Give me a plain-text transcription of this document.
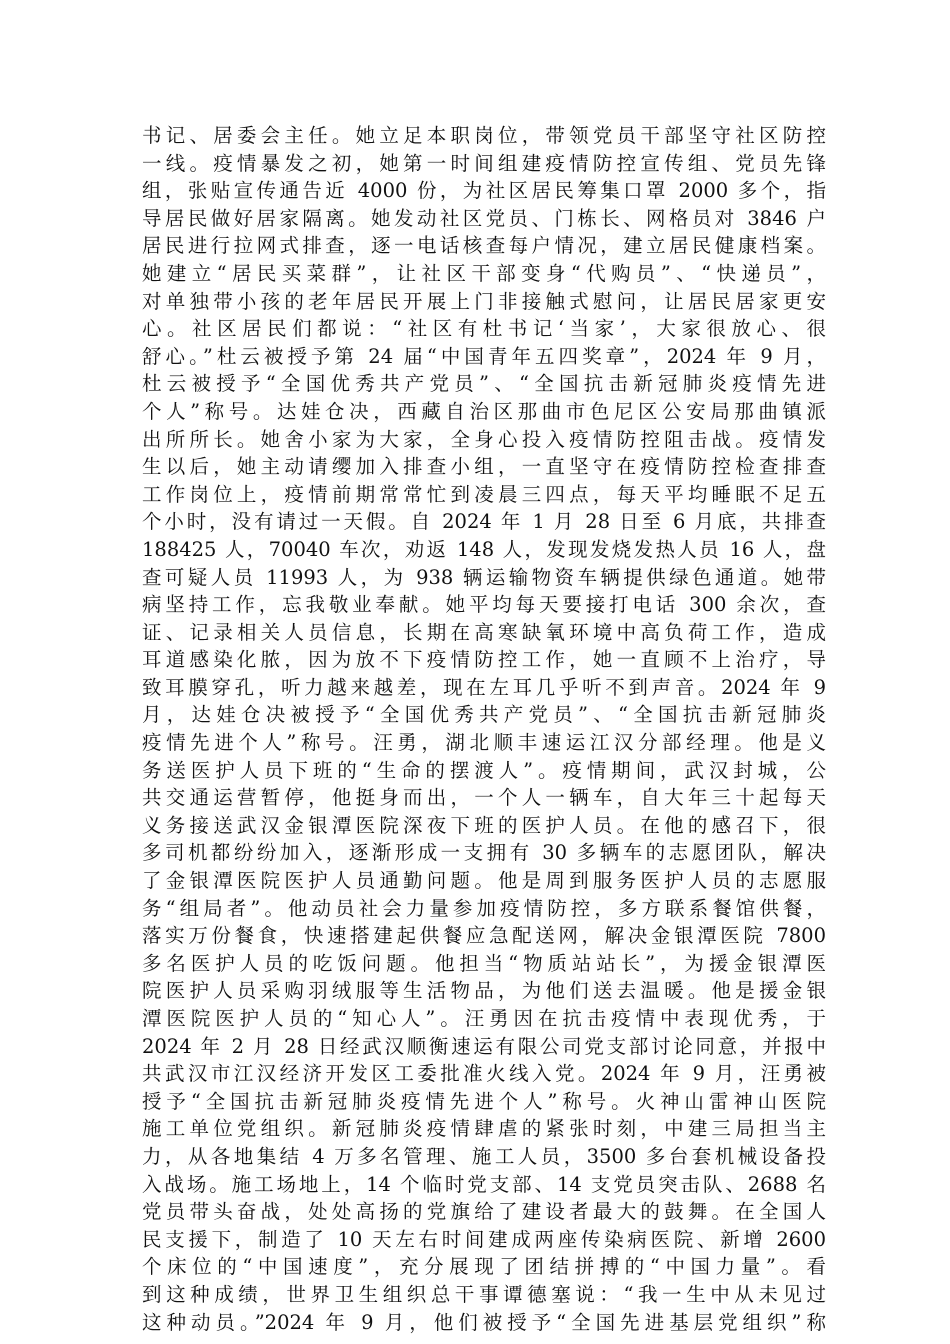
书记、居委会主任。她立足本职岗位，带领党员干部坚守社区防控
一线。疫情暴发之初，她第一时间组建疫情防控宣传组、党员先锋
组，张贴宣传通告近 4000 份，为社区居民筹集口罩 2000 多个，指
导居民做好居家隔离。她发动社区党员、门栋长、网格员对 3846 户
居民进行拉网式排查，逐一电话核查每户情况，建立居民健康档案。
她建立“居民买菜群”，让社区干部变身“代购员”、“快递员”，
对单独带小孩的老年居民开展上门非接触式慰问，让居民居家更安
心。社区居民们都说：“社区有杜书记‘当家’，大家很放心、很
舒心。”杜云被授予第 24 届“中国青年五四奖章”，2024 年 9 月，
杜云被授予“全国优秀共产党员”、“全国抗击新冠肺炎疫情先进
个人”称号。达娃仓决，西藏自治区那曲市色尼区公安局那曲镇派
出所所长。她舍小家为大家，全身心投入疫情防控阻击战。疫情发
生以后，她主动请缨加入排查小组，一直坚守在疫情防控检查排查
工作岗位上，疫情前期常常忙到凌晨三四点，每天平均睡眠不足五
个小时，没有请过一天假。自 2024 年 1 月 28 日至 6 月底，共排查
188425 人，70040 车次，劝返 148 人，发现发烧发热人员 16 人，盘
查可疑人员 11993 人，为 938 辆运输物资车辆提供绿色通道。她带
病坚持工作，忘我敬业奉献。她平均每天要接打电话 300 余次，查
证、记录相关人员信息，长期在高寒缺氧环境中高负荷工作，造成
耳道感染化脓，因为放不下疫情防控工作，她一直顾不上治疗，导
致耳膜穿孔，听力越来越差，现在左耳几乎听不到声音。2024 年 9
月，达娃仓决被授予“全国优秀共产党员”、“全国抗击新冠肺炎
疫情先进个人”称号。汪勇，湖北顺丰速运江汉分部经理。他是义
务送医护人员下班的“生命的摆渡人”。疫情期间，武汉封城，公
共交通运营暂停，他挺身而出，一个人一辆车，自大年三十起每天
义务接送武汉金银潭医院深夜下班的医护人员。在他的感召下，很
多司机都纷纷加入，逐渐形成一支拥有 30 多辆车的志愿团队，解决
了金银潭医院医护人员通勤问题。他是周到服务医护人员的志愿服
务“组局者”。他动员社会力量参加疫情防控，多方联系餐馆供餐，
落实万份餐食，快速搭建起供餐应急配送网，解决金银潭医院 7800
多名医护人员的吃饭问题。他担当“物质站站长”，为援金银潭医
院医护人员采购羽绒服等生活物品，为他们送去温暖。他是援金银
潭医院医护人员的“知心人”。汪勇因在抗击疫情中表现优秀，于
2024 年 2 月 28 日经武汉顺衡速运有限公司党支部讨论同意，并报中
共武汉市江汉经济开发区工委批准火线入党。2024 年 9 月，汪勇被
授予“全国抗击新冠肺炎疫情先进个人”称号。火神山雷神山医院
施工单位党组织。新冠肺炎疫情肆虐的紧张时刻，中建三局担当主
力，从各地集结 4 万多名管理、施工人员，3500 多台套机械设备投
入战场。施工场地上，14 个临时党支部、14 支党员突击队、2688 名
党员带头奋战，处处高扬的党旗给了建设者最大的鼓舞。在全国人
民支援下，制造了 10 天左右时间建成两座传染病医院、新增 2600
个床位的“中国速度”，充分展现了团结拼搏的“中国力量”。看
到这种成绩，世界卫生组织总干事谭德塞说：“我一生中从未见过
这种动员。”2024 年 9 月，他们被授予“全国先进基层党组织”称
